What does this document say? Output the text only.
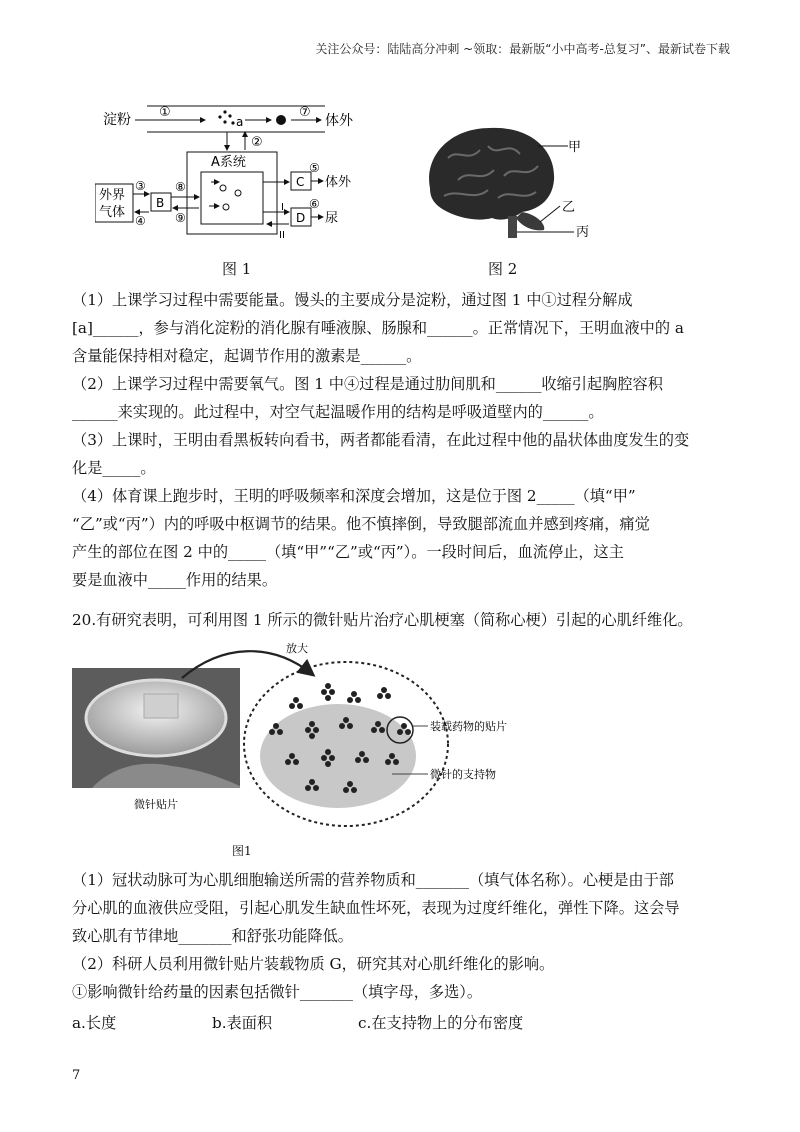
关注公众号：陆陆高分冲刺 ~领取：最新版“小中高考-总复习”、最新试卷下载
淀粉 ①
a
⑦
体外
②
A系统
外界
气体
③
④
B
⑧
⑨
C
⑤
体外
I
II
D
⑥
尿
图 1
甲
乙
丙
图 2

（1）上课学习过程中需要能量。馒头的主要成分是淀粉，通过图 1 中①过程分解成

[a]______，参与消化淀粉的消化腺有唾液腺、肠腺和______。正常情况下，王明血液中的 a

含量能保持相对稳定，起调节作用的激素是______。

（2）上课学习过程中需要氧气。图 1 中④过程是通过肋间肌和______收缩引起胸腔容积

______来实现的。此过程中，对空气起温暖作用的结构是呼吸道壁内的______。

（3）上课时，王明由看黑板转向看书，两者都能看清，在此过程中他的晶状体曲度发生的变

化是_____。

（4）体育课上跑步时，王明的呼吸频率和深度会增加，这是位于图 2_____（填“甲”

“乙”或“丙”）内的呼吸中枢调节的结果。他不慎摔倒，导致腿部流血并感到疼痛，痛觉

产生的部位在图 2 中的_____（填“甲”“乙”或“丙”）。一段时间后，血流停止，这主

要是血液中_____作用的结果。

20.有研究表明，可利用图 1 所示的微针贴片治疗心肌梗塞（简称心梗）引起的心肌纤维化。
微针贴片
放大
装载药物的贴片
微针的支持物
图1

（1）冠状动脉可为心肌细胞输送所需的营养物质和_______（填气体名称）。心梗是由于部

分心肌的血液供应受阻，引起心肌发生缺血性坏死，表现为过度纤维化，弹性下降。这会导

致心肌有节律地_______和舒张功能降低。

（2）科研人员利用微针贴片装载物质 G，研究其对心肌纤维化的影响。

①影响微针给药量的因素包括微针_______（填字母，多选）。

a.长度	b.表面积	c.在支持物上的分布密度
7
